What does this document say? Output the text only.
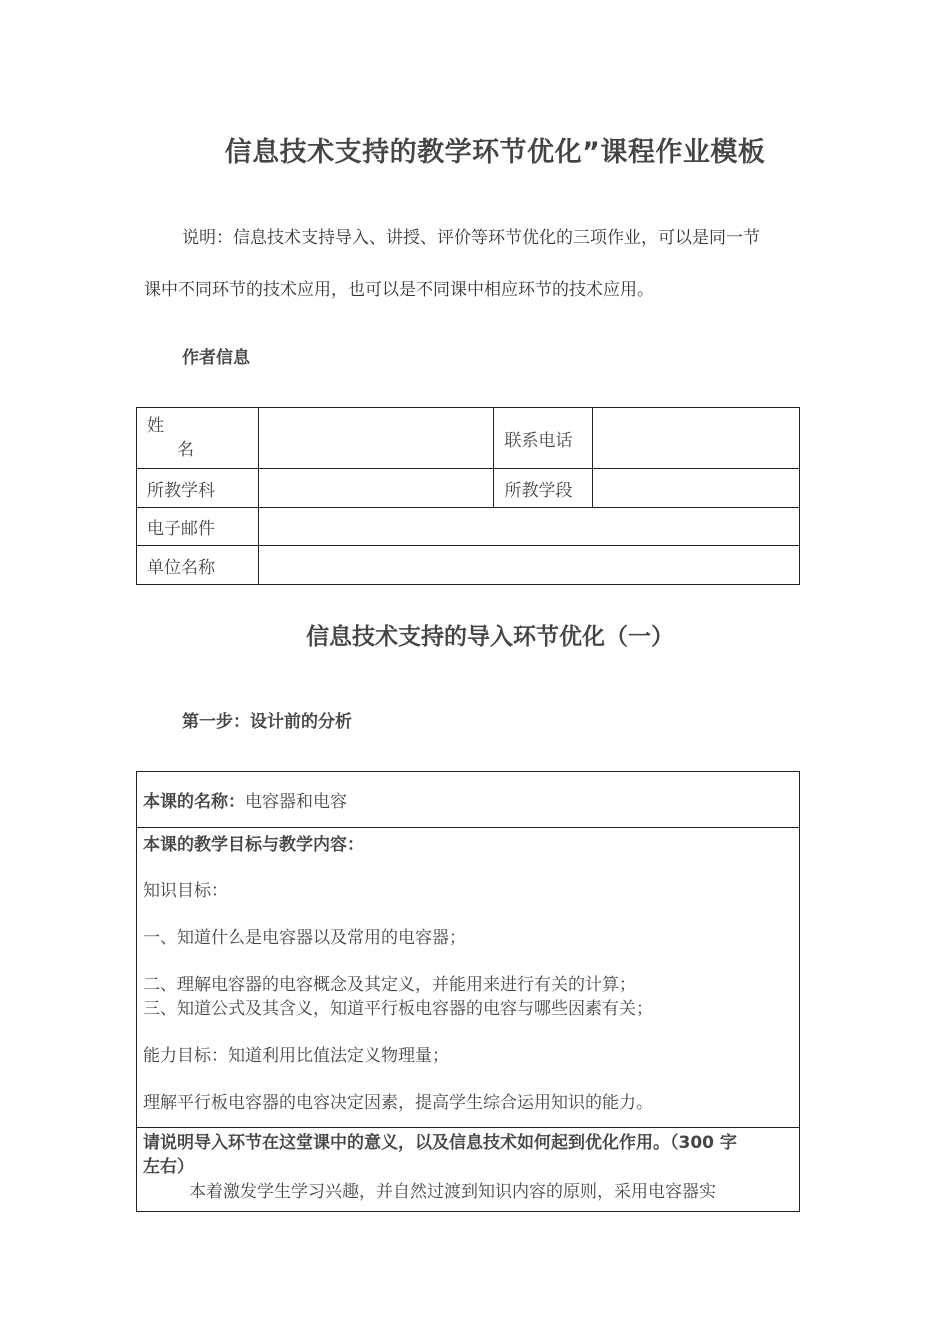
信息技术支持的教学环节优化”课程作业模板
说明：信息技术支持导入、讲授、评价等环节优化的三项作业，可以是同一节
课中不同环节的技术应用，也可以是不同课中相应环节的技术应用。
作者信息
姓
名		联系电话	
所教学科		所教学段	
电子邮件			
单位名称			
信息技术支持的导入环节优化（一）
第一步：设计前的分析
本课的名称：电容器和电容

本课的教学目标与教学内容：
知识目标：
一、知道什么是电容器以及常用的电容器；
二、理解电容器的电容概念及其定义，并能用来进行有关的计算；
三、知道公式及其含义，知道平行板电容器的电容与哪些因素有关；
能力目标：知道利用比值法定义物理量；
理解平行板电容器的电容决定因素，提高学生综合运用知识的能力。

请说明导入环节在这堂课中的意义，以及信息技术如何起到优化作用。（300 字
左右）
本着激发学生学习兴趣，并自然过渡到知识内容的原则，采用电容器实
